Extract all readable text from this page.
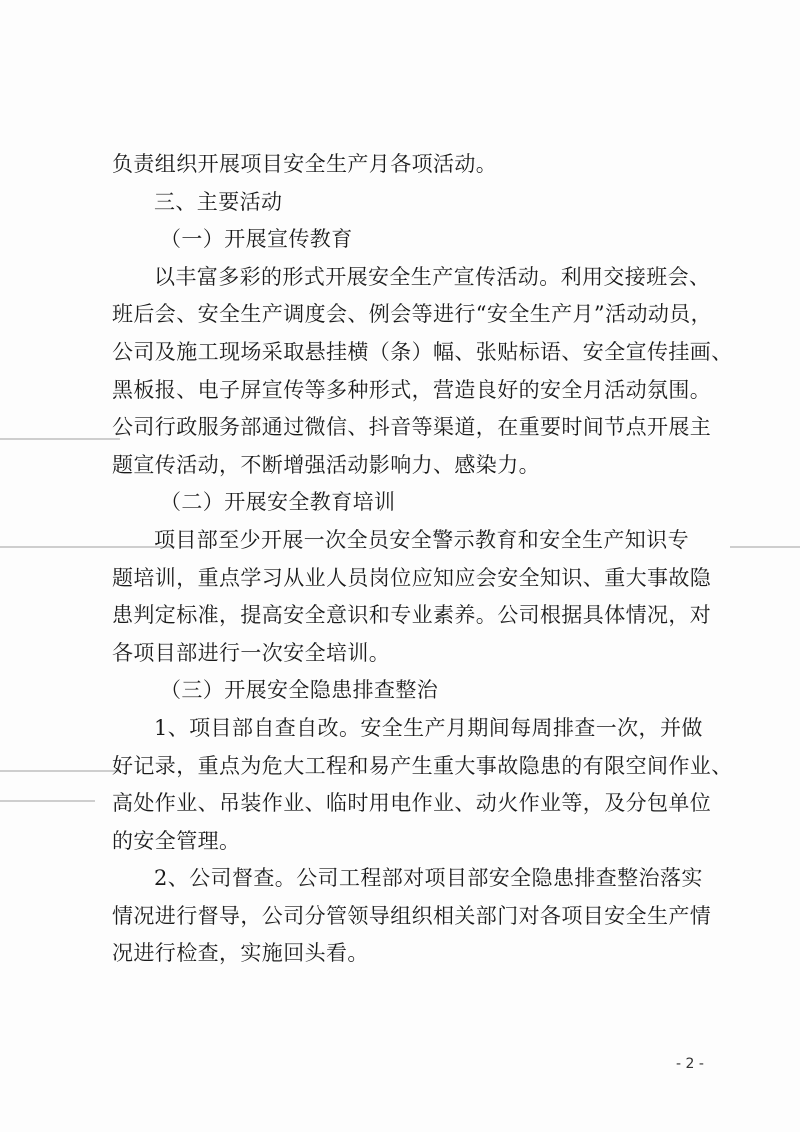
负责组织开展项目安全生产月各项活动。
三、主要活动
（一）开展宣传教育
以丰富多彩的形式开展安全生产宣传活动。利用交接班会、
班后会、安全生产调度会、例会等进行“安全生产月”活动动员，
公司及施工现场采取悬挂横（条）幅、张贴标语、安全宣传挂画、
黑板报、电子屏宣传等多种形式，营造良好的安全月活动氛围。
公司行政服务部通过微信、抖音等渠道，在重要时间节点开展主
题宣传活动，不断增强活动影响力、感染力。
（二）开展安全教育培训
项目部至少开展一次全员安全警示教育和安全生产知识专
题培训，重点学习从业人员岗位应知应会安全知识、重大事故隐
患判定标准，提高安全意识和专业素养。公司根据具体情况，对
各项目部进行一次安全培训。
（三）开展安全隐患排查整治
1、项目部自查自改。安全生产月期间每周排查一次，并做
好记录，重点为危大工程和易产生重大事故隐患的有限空间作业、
高处作业、吊装作业、临时用电作业、动火作业等，及分包单位
的安全管理。
2、公司督查。公司工程部对项目部安全隐患排查整治落实
情况进行督导，公司分管领导组织相关部门对各项目安全生产情
况进行检查，实施回头看。
- 2 -
